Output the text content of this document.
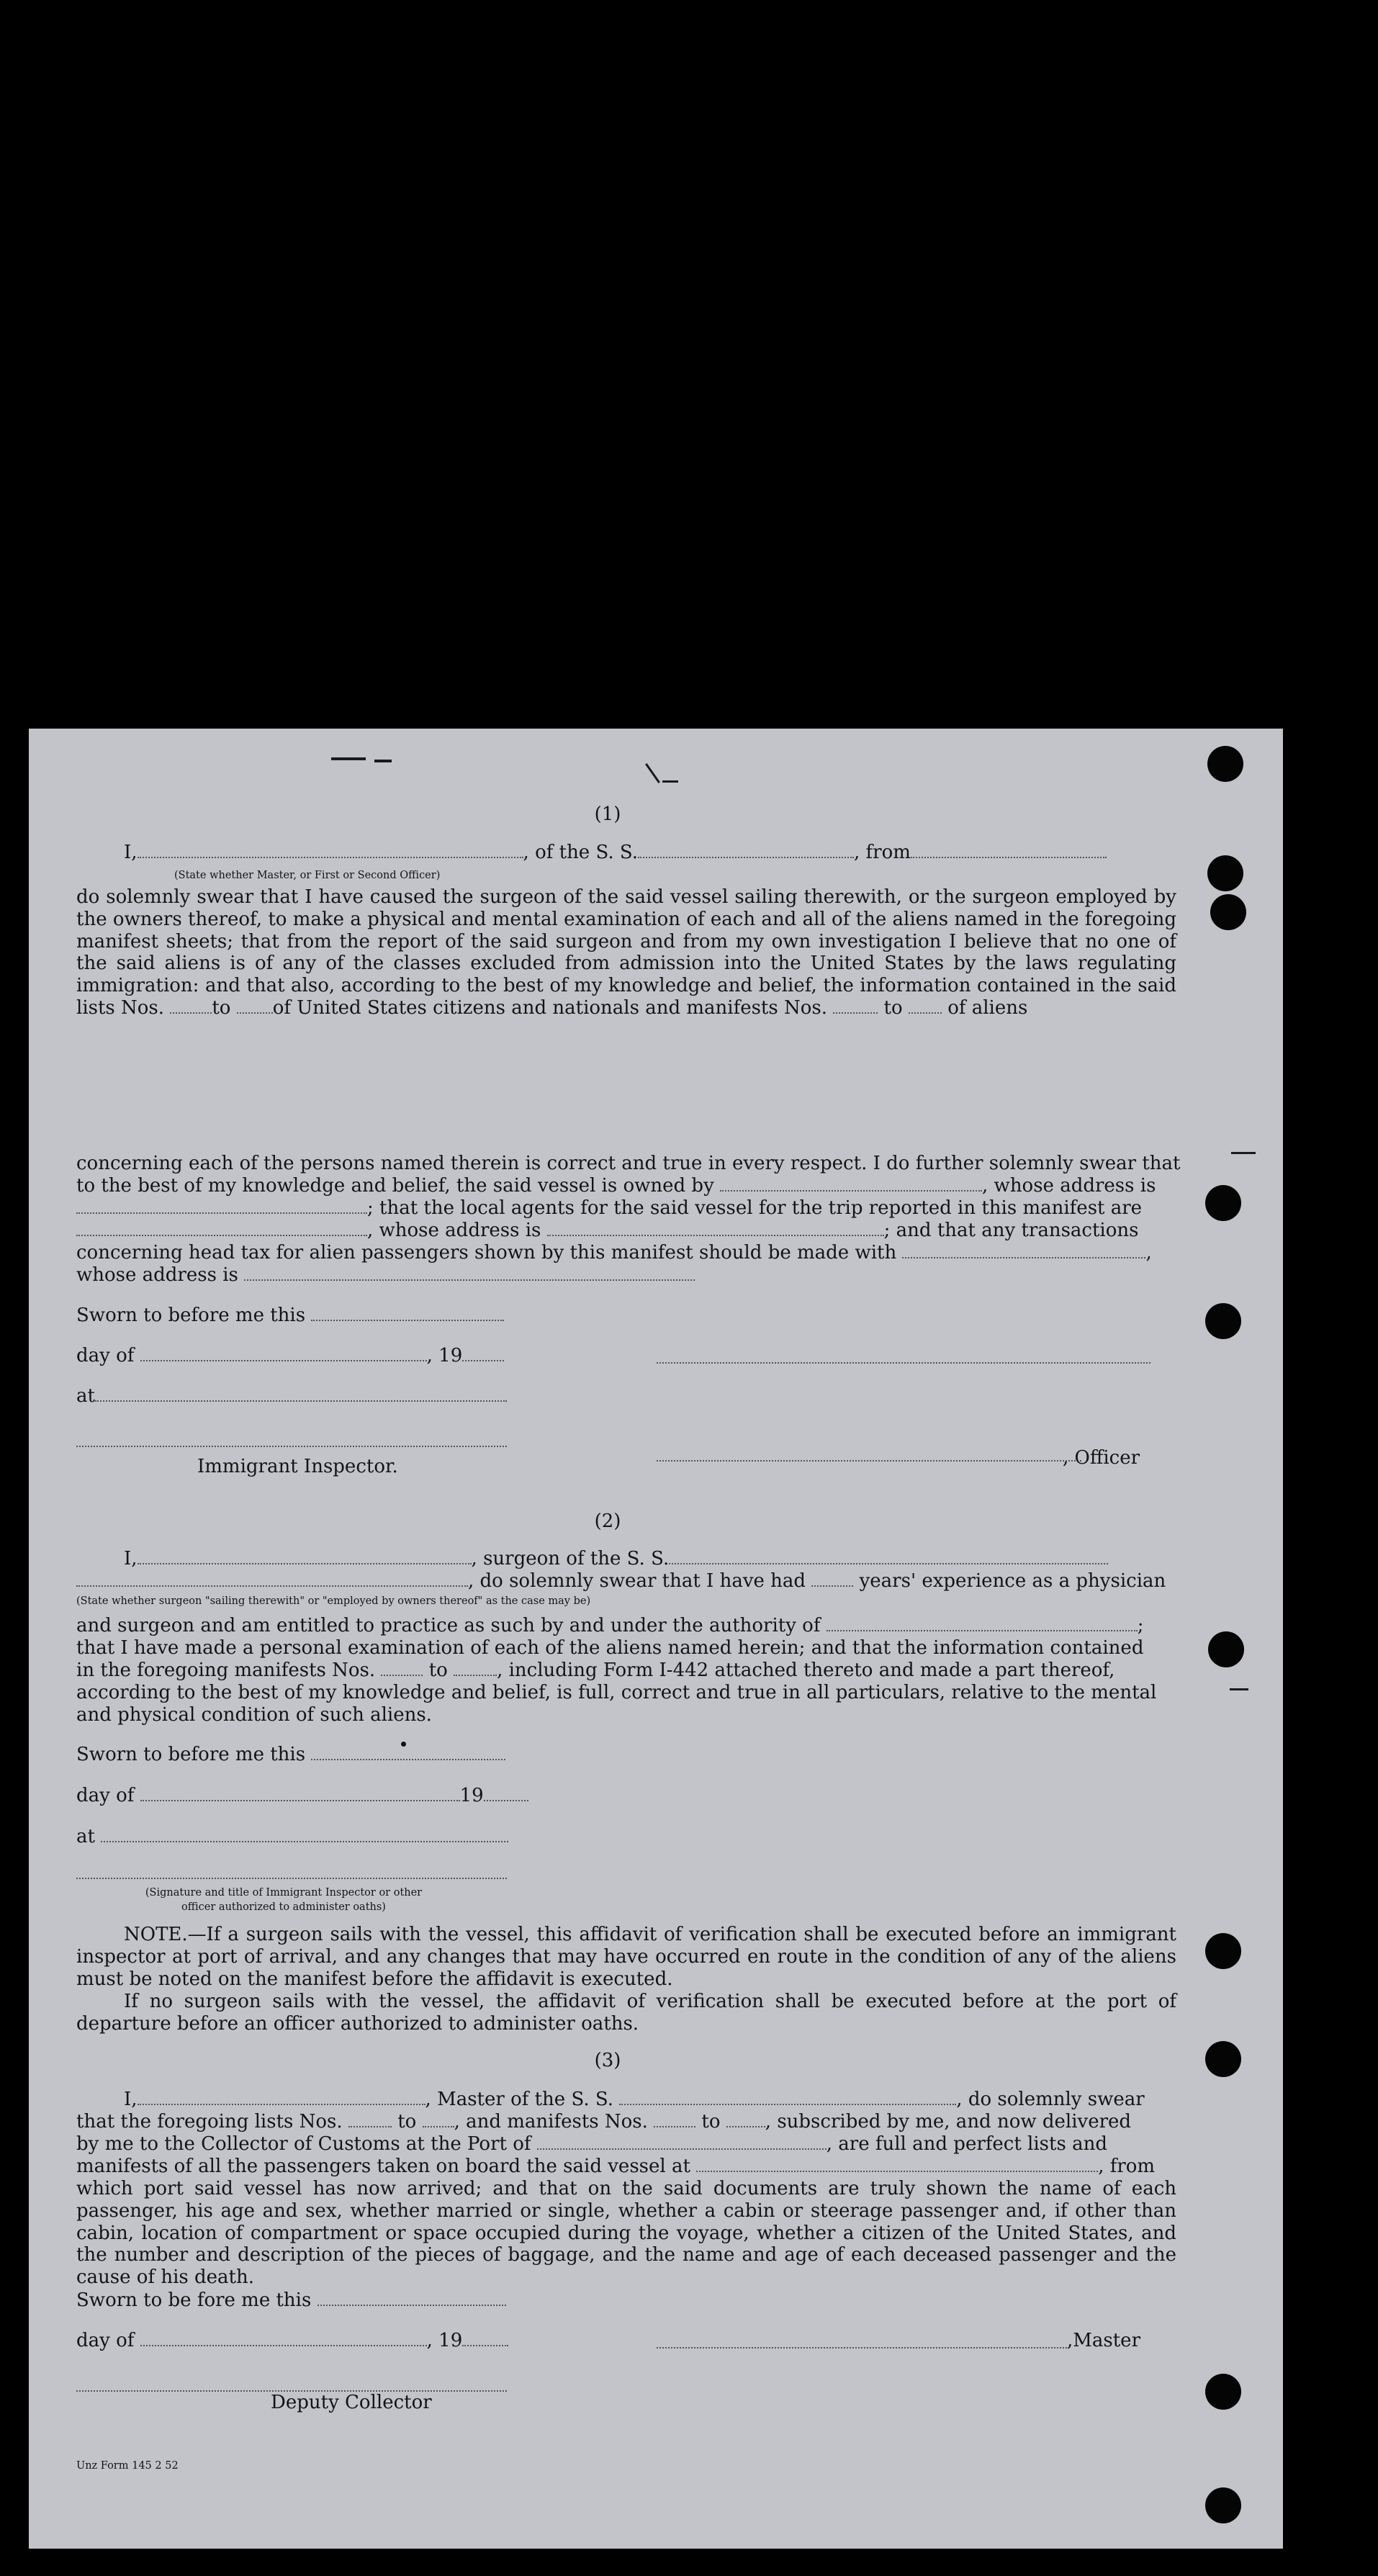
(1)
I,	, of the S. S.	, from
(State whether Master, or First or Second Officer)
do solemnly swear that I have caused the surgeon of the said vessel sailing therewith, or the surgeon employed by the owners thereof, to make a physical and mental examination of each and all of the aliens named in the foregoing manifest sheets; that from the report of the said surgeon and from my own investigation I believe that no one of the said aliens is of any of the classes excluded from admission into the United States by the laws regulating immigration: and that also, according to the best of my knowledge and belief, the information contained in the said lists Nos.	to of United States citizens and nationals and manifests Nos.	to of aliens
concerning each of the persons named therein is correct and true in every respect. I do further solemnly swear that
to the best of my knowledge and belief, the said vessel is owned by	, whose address is
; that the local agents for the said vessel for the trip reported in this manifest are
, whose address is	; and that any transactions
concerning head tax for alien passengers shown by this manifest should be made with	,
whose address is
Sworn to before me this
day of	, 19
at
Immigrant Inspector.	, Officer
(2)
I,	, surgeon of the S. S.
, do solemnly swear that I have had	years' experience as a physician
(State whether surgeon "sailing therewith" or "employed by owners thereof" as the case may be)
and surgeon and am entitled to practice as such by and under the authority of	;
that I have made a personal examination of each of the aliens named herein; and that the information contained
in the foregoing manifests Nos.	to	, including Form I-442 attached thereto and made a part thereof,
according to the best of my knowledge and belief, is full, correct and true in all particulars, relative to the mental
and physical condition of such aliens.
Sworn to before me this
day of	19
at
(Signature and title of Immigrant Inspector or other
officer authorized to administer oaths)
NOTE.—If a surgeon sails with the vessel, this affidavit of verification shall be executed before an immigrant inspector at port of arrival, and any changes that may have occurred en route in the condition of any of the aliens must be noted on the manifest before the affidavit is executed.
If no surgeon sails with the vessel, the affidavit of verification shall be executed before at the port of departure before an officer authorized to administer oaths.
(3)
I,	, Master of the S. S.	, do solemnly swear
that the foregoing lists Nos.	to , and manifests Nos.	to , subscribed by me, and now delivered
by me to the Collector of Customs at the Port of	, are full and perfect lists and
manifests of all the passengers taken on board the said vessel at	, from
which port said vessel has now arrived; and that on the said documents are truly shown the name of each passenger, his age and sex, whether married or single, whether a cabin or steerage passenger and, if other than cabin, location of compartment or space occupied during the voyage, whether a citizen of the United States, and the number and description of the pieces of baggage, and the name and age of each deceased passenger and the cause of his death.
Sworn to be fore me this
day of	, 19	,Master
Deputy Collector
Unz Form 145 2 52
